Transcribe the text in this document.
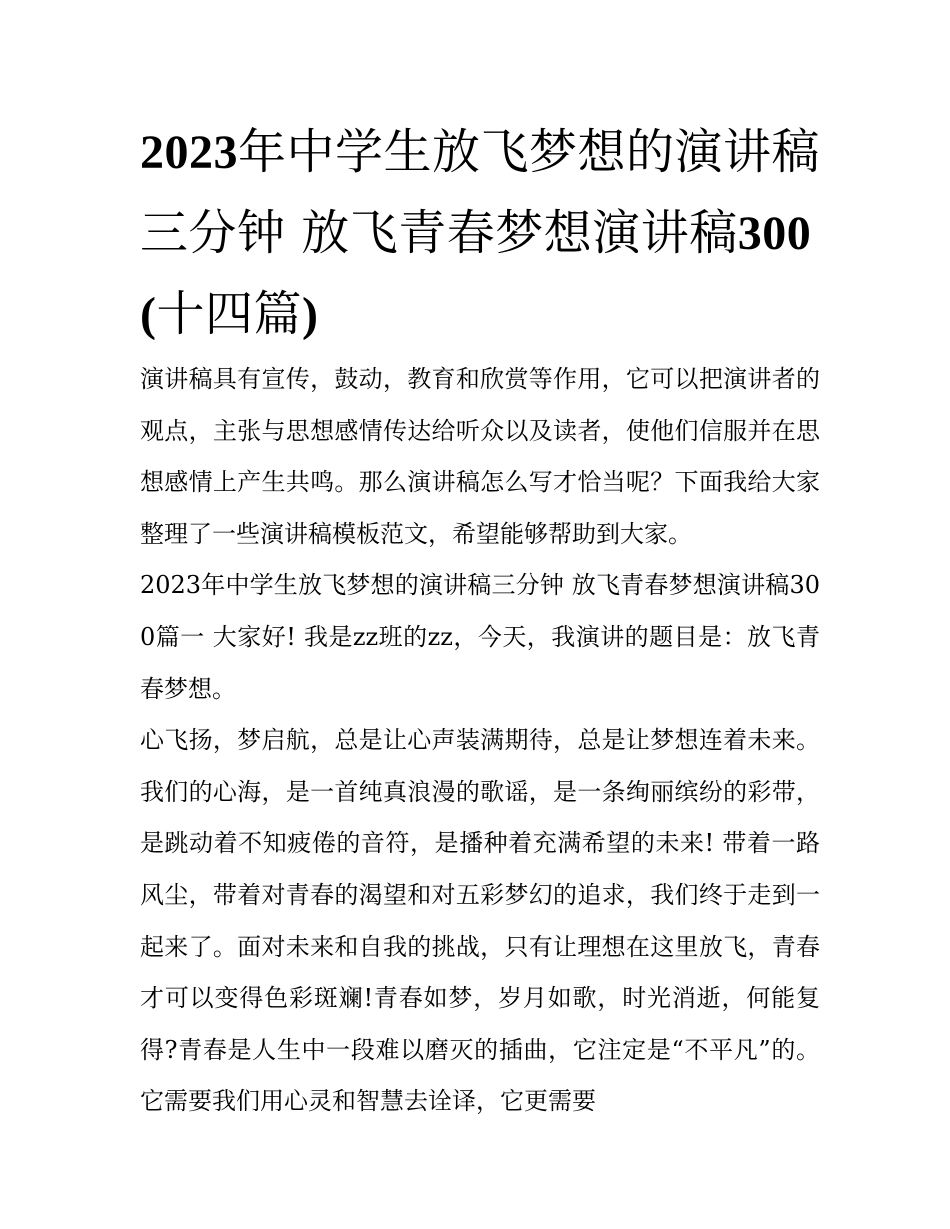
2023年中学生放飞梦想的演讲稿三分钟 放飞青春梦想演讲稿300(十四篇)

演讲稿具有宣传，鼓动，教育和欣赏等作用，它可以把演讲者的观点，主张与思想感情传达给听众以及读者，使他们信服并在思想感情上产生共鸣。那么演讲稿怎么写才恰当呢？下面我给大家整理了一些演讲稿模板范文，希望能够帮助到大家。

2023年中学生放飞梦想的演讲稿三分钟 放飞青春梦想演讲稿300篇一 大家好! 我是zz班的zz，今天，我演讲的题目是：放飞青春梦想。

心飞扬，梦启航，总是让心声装满期待，总是让梦想连着未来。我们的心海，是一首纯真浪漫的歌谣，是一条绚丽缤纷的彩带，是跳动着不知疲倦的音符，是播种着充满希望的未来! 带着一路风尘，带着对青春的渴望和对五彩梦幻的追求，我们终于走到一起来了。面对未来和自我的挑战，只有让理想在这里放飞，青春才可以变得色彩斑斓!青春如梦，岁月如歌，时光消逝，何能复得?青春是人生中一段难以磨灭的插曲，它注定是“不平凡”的。它需要我们用心灵和智慧去诠译，它更需要
